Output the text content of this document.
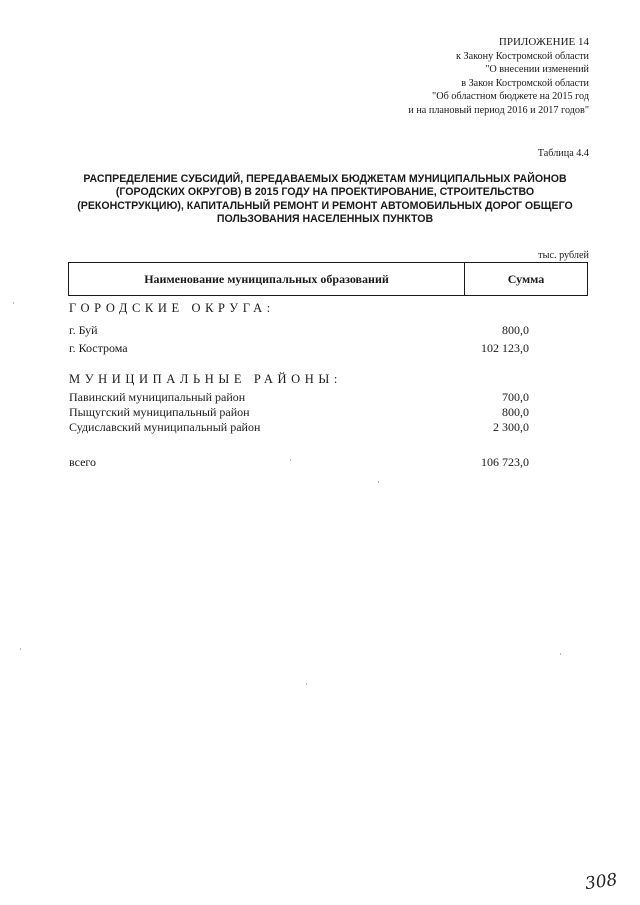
ПРИЛОЖЕНИЕ 14
к Закону Костромской области
"О внесении изменений
в Закон Костромской области
"Об областном бюджете на 2015 год
и на плановый период 2016 и 2017 годов"
Таблица 4.4
РАСПРЕДЕЛЕНИЕ СУБСИДИЙ, ПЕРЕДАВАЕМЫХ БЮДЖЕТАМ МУНИЦИПАЛЬНЫХ РАЙОНОВ
(ГОРОДСКИХ ОКРУГОВ) В 2015 ГОДУ НА ПРОЕКТИРОВАНИЕ, СТРОИТЕЛЬСТВО
(РЕКОНСТРУКЦИЮ), КАПИТАЛЬНЫЙ РЕМОНТ И РЕМОНТ АВТОМОБИЛЬНЫХ ДОРОГ ОБЩЕГО
ПОЛЬЗОВАНИЯ НАСЕЛЕННЫХ ПУНКТОВ
тыс. рублей
Наименование муниципальных образований	Сумма
ГОРОДСКИЕ ОКРУГА:
г. Буй	800,0
г. Кострома	102 123,0
МУНИЦИПАЛЬНЫЕ РАЙОНЫ:
Павинский муниципальный район	700,0
Пыщугский муниципальный район	800,0
Судиславский муниципальный район	2 300,0
всего	106 723,0
308
